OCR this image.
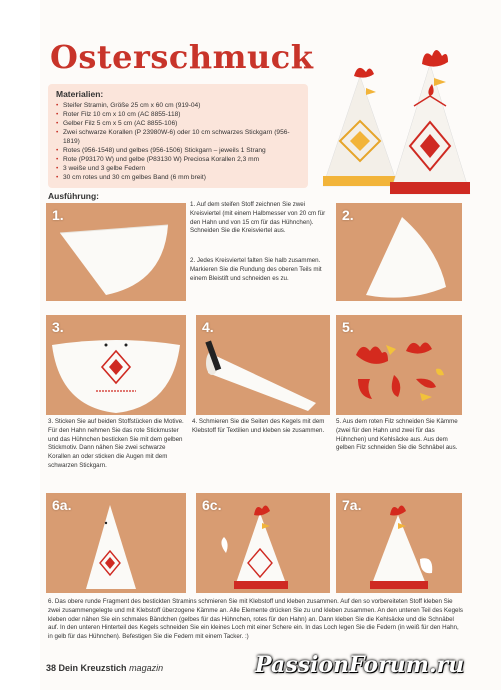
Osterschmuck
Materialien:
• Steifer Stramin, Größe 25 cm x 60 cm (919-04)
• Roter Filz 10 cm x 10 cm (AC 8855-118)
• Gelber Filz 5 cm x 5 cm (AC 8855-106)
• Zwei schwarze Korallen (P 23980W-6) oder 10 cm schwarzes Stickgarn (956-1819)
• Rotes (956-1548) und gelbes (956-1506) Stickgarn – jeweils 1 Strang
• Rote (P93170 W) und gelbe (P83130 W) Preciosa Korallen 2,3 mm
• 3 weiße und 3 gelbe Federn
• 30 cm rotes und 30 cm gelbes Band (6 mm breit)
Ausführung:
1.
1. Auf dem steifen Stoff zeichnen Sie zwei Kreisviertel (mit einem Halbmesser von 20 cm für den Hahn und von 15 cm für das Hühnchen). Schneiden Sie die Kreisviertel aus.
2. Jedes Kreisviertel falten Sie halb zusammen. Markieren Sie die Rundung des oberen Teils mit einem Bleistift und schneiden es zu.
2.
3.	4.	5.
3. Sticken Sie auf beiden Stoffstücken die Motive. Für den Hahn nehmen Sie das rote Stickmuster und das Hühnchen besticken Sie mit dem gelben Stickmotiv. Dann nähen Sie zwei schwarze Korallen an oder sticken die Augen mit dem schwarzen Stickgarn.
4. Schmieren Sie die Seiten des Kegels mit dem Klebstoff für Textilien und kleben sie zusammen.
5. Aus dem roten Filz schneiden Sie Kämme (zwei für den Hahn und zwei für das Hühnchen) und Kehlsäcke aus. Aus dem gelben Filz schneiden Sie die Schnäbel aus.
6a.	6c.	7a.
6. Das obere runde Fragment des bestickten Stramins schmieren Sie mit Klebstoff und kleben zusammen. Auf den so vorbereiteten Stoff kleben Sie zwei zusammengelegte und mit Klebstoff überzogene Kämme an. Alle Elemente drücken Sie zu und kleben zusammen. An den unteren Teil des Kegels kleben oder nähen Sie ein schmales Bändchen (gelbes für das Hühnchen, rotes für den Hahn) an. Dann kleben Sie die Kehlsäcke und die Schnäbel auf. In den unteren Hinterteil des Kegels schneiden Sie ein kleines Loch mit einer Schere ein. In das Loch legen Sie die Federn (in weiß für den Hahn, in gelb für das Hühnchen). Befestigen Sie die Federn mit einem Tacker. :)
38 Dein Kreuzstich magazin	PassionForum.ru
